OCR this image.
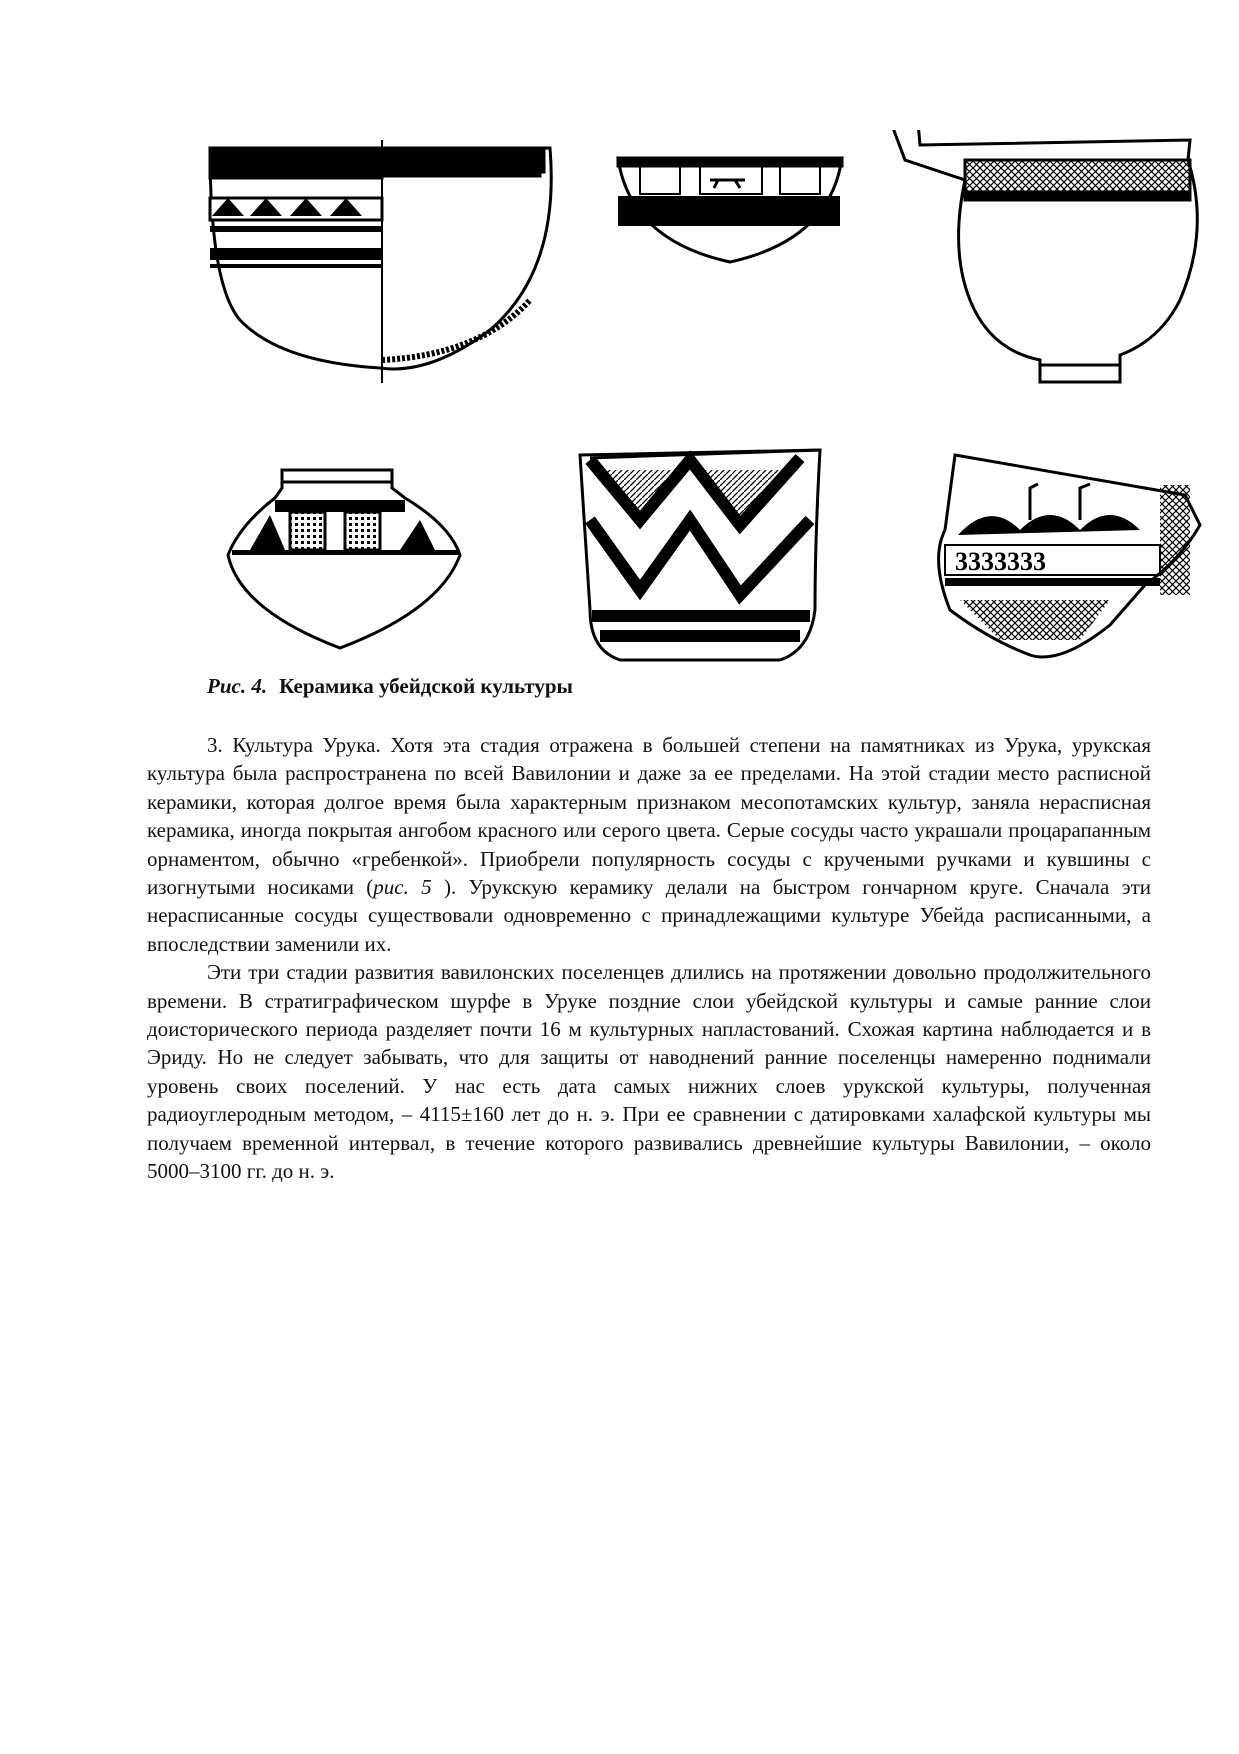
3333333
Рис. 4. Керамика убейдской культуры

3. Культура Урука. Хотя эта стадия отражена в большей степени на памятниках из Урука, урукская культура была распространена по всей Вавилонии и даже за ее пределами. На этой стадии место расписной керамики, которая долгое время была характерным признаком месопотамских культур, заняла нерасписная керамика, иногда покрытая ангобом красного или серого цвета. Серые сосуды часто украшали процарапанным орнаментом, обычно «гребенкой». Приобрели популярность сосуды с кручеными ручками и кувшины с изогнутыми носиками (рис. 5 ). Урукскую керамику делали на быстром гончарном круге. Сначала эти нерасписанные сосуды существовали одновременно с принадлежащими культуре Убейда расписанными, а впоследствии заменили их.

Эти три стадии развития вавилонских поселенцев длились на протяжении довольно продолжительного времени. В стратиграфическом шурфе в Уруке поздние слои убейдской культуры и самые ранние слои доисторического периода разделяет почти 16 м культурных напластований. Схожая картина наблюдается и в Эриду. Но не следует забывать, что для защиты от наводнений ранние поселенцы намеренно поднимали уровень своих поселений. У нас есть дата самых нижних слоев урукской культуры, полученная радиоуглеродным методом, – 4115±160 лет до н. э. При ее сравнении с датировками халафской культуры мы получаем временной интервал, в течение которого развивались древнейшие культуры Вавилонии, – около 5000–3100 гг. до н. э.
